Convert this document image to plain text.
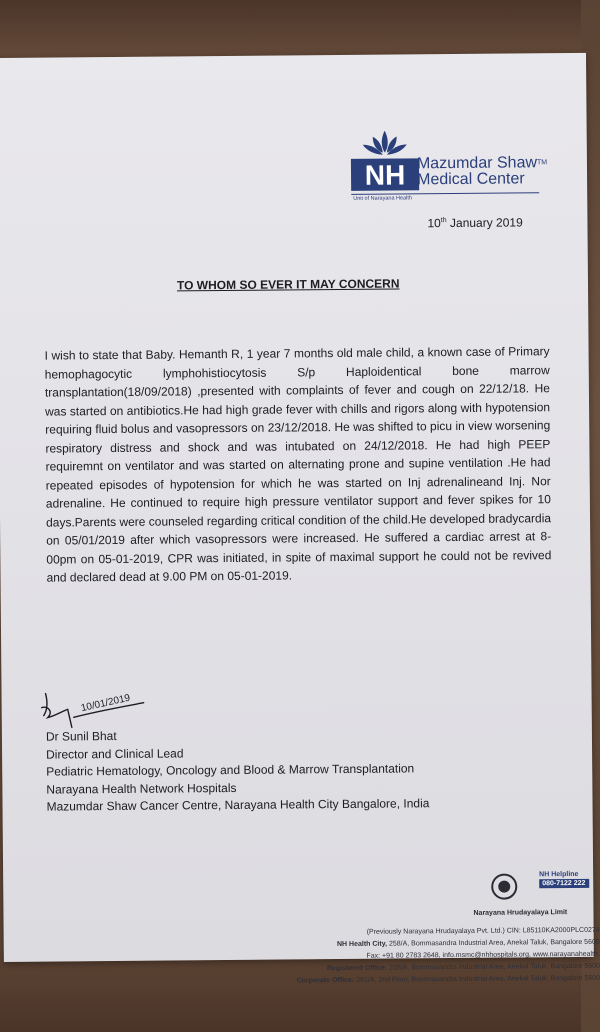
NH Mazumdar Shaw™
Medical Center
Unit of Narayana Health
10th January 2019
TO WHOM SO EVER IT MAY CONCERN
I wish to state that Baby. Hemanth R, 1 year 7 months old male child, a known case of Primary hemophagocytic lymphohistiocytosis S/p Haploidentical bone marrow transplantation(18/09/2018) ,presented with complaints of fever and cough on 22/12/18. He was started on antibiotics.He had high grade fever with chills and rigors along with hypotension requiring fluid bolus and vasopressors on 23/12/2018. He was shifted to picu in view worsening respiratory distress and shock and was intubated on 24/12/2018. He had high PEEP requiremnt on ventilator and was started on alternating prone and supine ventilation .He had repeated episodes of hypotension for which he was started on Inj adrenalineand Inj. Nor adrenaline. He continued to require high pressure ventilator support and fever spikes for 10 days.Parents were counseled regarding critical condition of the child.He developed bradycardia on 05/01/2019 after which vasopressors were increased. He suffered a cardiac arrest at 8-00pm on 05-01-2019, CPR was initiated, in spite of maximal support he could not be revived and declared dead at 9.00 PM on 05-01-2019.
10/01/2019
Dr Sunil Bhat
Director and Clinical Lead
Pediatric Hematology, Oncology and Blood & Marrow Transplantation
Narayana Health Network Hospitals
Mazumdar Shaw Cancer Centre, Narayana Health City Bangalore, India
NH Helpline
080-7122 222
Narayana Hrudayalaya Limit
(Previously Narayana Hrudayalaya Pvt. Ltd.) CIN: L85110KA2000PLC0274
NH Health City, 258/A, Bommasandra Industrial Area, Anekal Taluk, Bangalore 5600
Fax: +91 80 2783 2648, info.msmc@nhhospitals.org, www.narayanahealth.
Registered Office: 258/A, Bommasandra Industrial Area, Anekal Taluk, Bangalore 5600
Corporate Office: 261/A, 2nd Floor, Bommasandra Industrial Area, Anekal Taluk, Bangalore 5600
